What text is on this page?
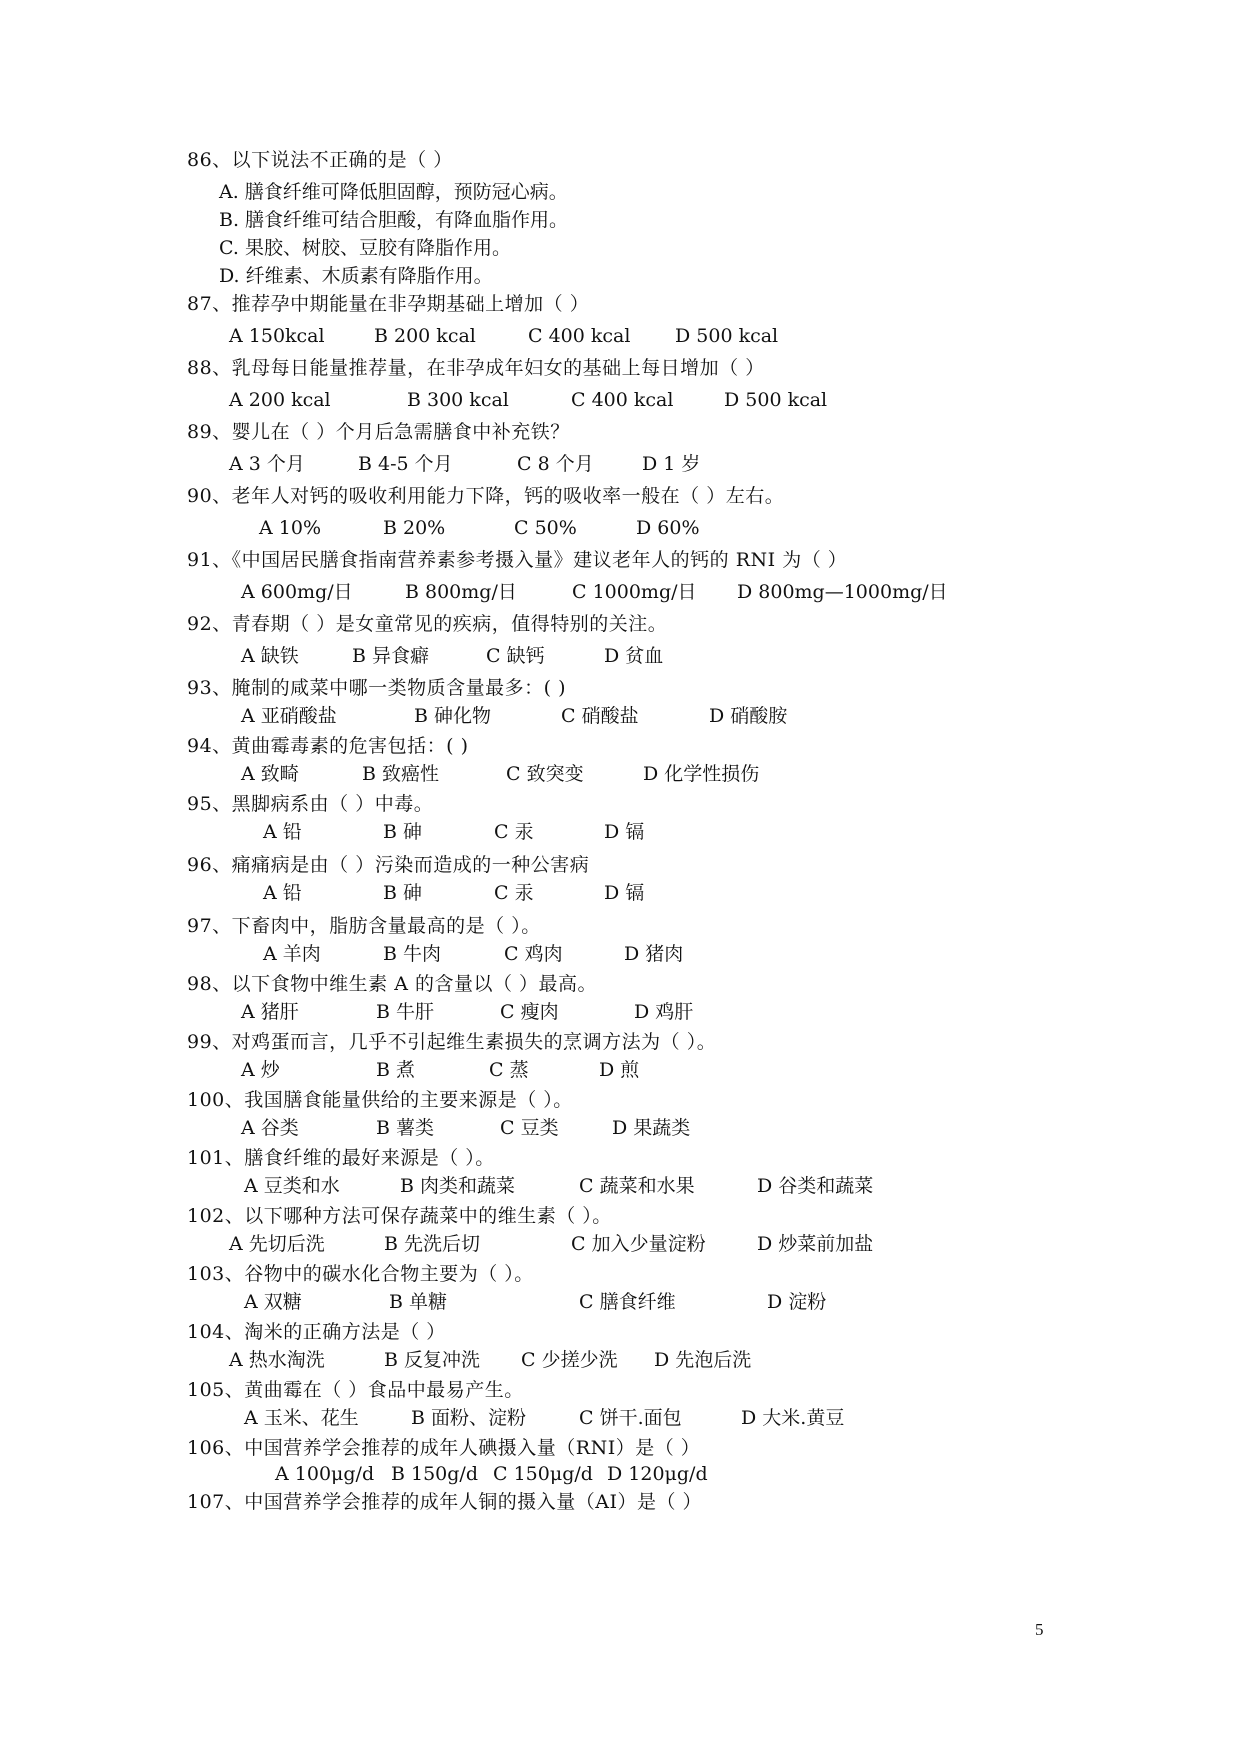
86、以下说法不正确的是（ ）
A. 膳食纤维可降低胆固醇，预防冠心病。
B. 膳食纤维可结合胆酸，有降血脂作用。
C. 果胶、树胶、豆胶有降脂作用。
D. 纤维素、木质素有降脂作用。
87、推荐孕中期能量在非孕期基础上增加（ ）
A 150kcal	B 200 kcal	C 400 kcal D 500 kcal
88、乳母每日能量推荐量，在非孕成年妇女的基础上每日增加（ ）
A 200 kcal	B 300 kcal	C 400 kcal	D 500 kcal
89、婴儿在（ ）个月后急需膳食中补充铁？
A 3 个月	B 4-5 个月	C 8 个月	D 1 岁
90、老年人对钙的吸收利用能力下降，钙的吸收率一般在（ ）左右。
A 10%	B 20%	C 50%	D 60%
91、《中国居民膳食指南营养素参考摄入量》建议老年人的钙的 RNI 为（ ）
A 600mg/日	B 800mg/日	C 1000mg/日 D 800mg—1000mg/日
92、青春期（ ）是女童常见的疾病，值得特别的关注。
A 缺铁	B 异食癖	C 缺钙	D 贫血
93、腌制的咸菜中哪一类物质含量最多：( )
A 亚硝酸盐	B 砷化物	C 硝酸盐	D 硝酸胺
94、黄曲霉毒素的危害包括：( )
A 致畸	B 致癌性	C 致突变	D 化学性损伤
95、黑脚病系由（ ）中毒。
A 铅	B 砷	C 汞	D 镉
96、痛痛病是由（ ）污染而造成的一种公害病
A 铅	B 砷	C 汞	D 镉
97、下畜肉中，脂肪含量最高的是（ ）。
A 羊肉	B 牛肉	C 鸡肉	D 猪肉
98、以下食物中维生素 A 的含量以（ ）最高。
A 猪肝	B 牛肝	C 瘦肉	D 鸡肝
99、对鸡蛋而言，几乎不引起维生素损失的烹调方法为（ ）。
A 炒	B 煮	C 蒸	D 煎
100、我国膳食能量供给的主要来源是（ ）。
A 谷类	B 薯类	C 豆类	D 果蔬类
101、膳食纤维的最好来源是（ ）。
A 豆类和水	B 肉类和蔬菜	C 蔬菜和水果	D 谷类和蔬菜
102、以下哪种方法可保存蔬菜中的维生素（ ）。
A 先切后洗	B 先洗后切	C 加入少量淀粉	D 炒菜前加盐
103、谷物中的碳水化合物主要为（ ）。
A 双糖	B 单糖	C 膳食纤维	D 淀粉
104、淘米的正确方法是（ ）
A 热水淘洗	B 反复冲洗 C 少搓少洗 D 先泡后洗
105、黄曲霉在（ ）食品中最易产生。
A 玉米、花生	B 面粉、淀粉	C 饼干.面包	D 大米.黄豆
106、中国营养学会推荐的成年人碘摄入量（RNI）是（ ）
A 100μg/d B 150g/d C 150μg/d D 120μg/d
107、中国营养学会推荐的成年人铜的摄入量（AI）是（ ）
5
